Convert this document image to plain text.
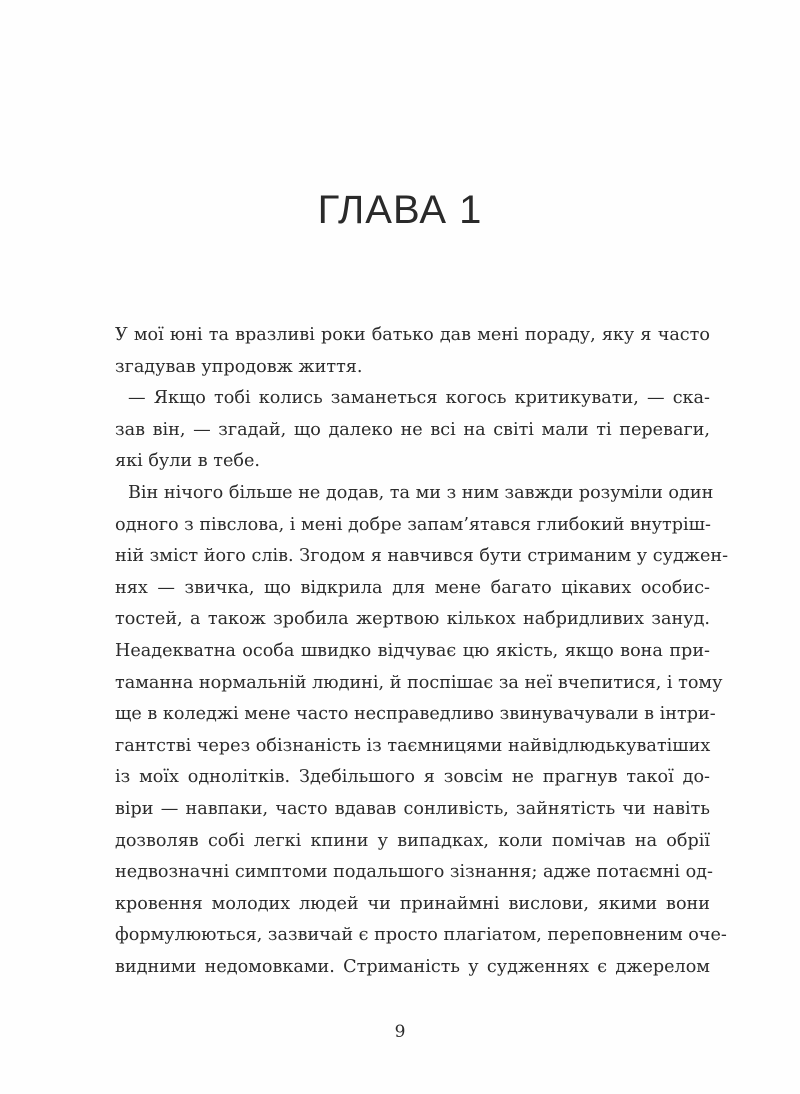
ГЛАВА 1
У мої юні та вразливі роки батько дав мені пораду, яку я часто
згадував упродовж життя.
— Якщо тобі колись заманеться когось критикувати, — ска-
зав він, — згадай, що далеко не всі на світі мали ті переваги,
які були в тебе.
Він нічого більше не додав, та ми з ним завжди розуміли один
одного з півслова, і мені добре запам’ятався глибокий внутріш-
ній зміст його слів. Згодом я навчився бути стриманим у суджен-
нях — звичка, що відкрила для мене багато цікавих особис-
тостей, а також зробила жертвою кількох набридливих зануд.
Неадекватна особа швидко відчуває цю якість, якщо вона при-
таманна нормальній людині, й поспішає за неї вчепитися, і тому
ще в коледжі мене часто несправедливо звинувачували в інтри-
гантстві через обізнаність із таємницями найвідлюдькуватіших
із моїх однолітків. Здебільшого я зовсім не прагнув такої до-
віри — навпаки, часто вдавав сонливість, зайнятість чи навіть
дозволяв собі легкі кпини у випадках, коли помічав на обрії
недвозначні симптоми подальшого зізнання; адже потаємні од-
кровення молодих людей чи принаймні вислови, якими вони
формулюються, зазвичай є просто плагіатом, переповненим оче-
видними недомовками. Стриманість у судженнях є джерелом
9
